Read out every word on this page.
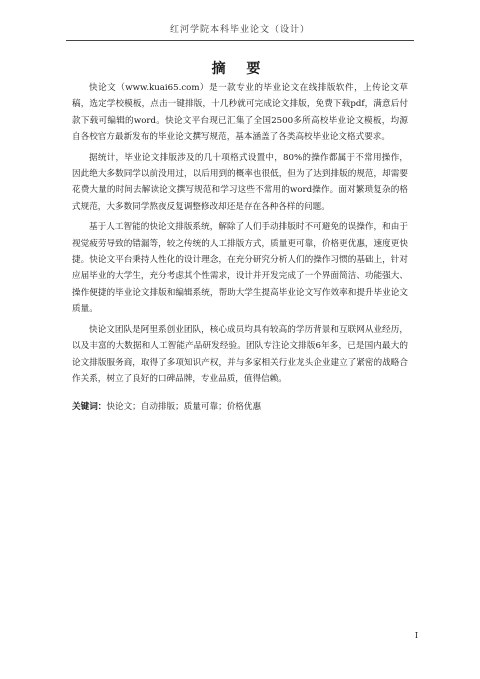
红河学院本科毕业论文（设计）
摘 要

快论文（www.kuai65.com）是一款专业的毕业论文在线排版软件，上传论文草稿，选定学校模板，点击一键排版，十几秒就可完成论文排版，免费下载pdf，满意后付款下载可编辑的word。快论文平台现已汇集了全国2500多所高校毕业论文模板，均源自各校官方最新发布的毕业论文撰写规范，基本涵盖了各类高校毕业论文格式要求。

据统计，毕业论文排版涉及的几十项格式设置中，80%的操作都属于不常用操作，因此绝大多数同学以前没用过，以后用到的概率也很低，但为了达到排版的规范，却需要花费大量的时间去解读论文撰写规范和学习这些不常用的word操作。面对繁琐复杂的格式规范，大多数同学熬夜反复调整修改却还是存在各种各样的问题。

基于人工智能的快论文排版系统，解除了人们手动排版时不可避免的误操作，和由于视觉疲劳导致的错漏等，较之传统的人工排版方式，质量更可靠，价格更优惠，速度更快捷。快论文平台秉持人性化的设计理念，在充分研究分析人们的操作习惯的基础上，针对应届毕业的大学生，充分考虑其个性需求，设计并开发完成了一个界面简洁、功能强大、操作便捷的毕业论文排版和编辑系统，帮助大学生提高毕业论文写作效率和提升毕业论文质量。

快论文团队是阿里系创业团队，核心成员均具有较高的学历背景和互联网从业经历，以及丰富的大数据和人工智能产品研发经验。团队专注论文排版6年多，已是国内最大的论文排版服务商，取得了多项知识产权，并与多家相关行业龙头企业建立了紧密的战略合作关系，树立了良好的口碑品牌，专业品质，值得信赖。

关键词：快论文；自动排版；质量可靠；价格优惠
I
